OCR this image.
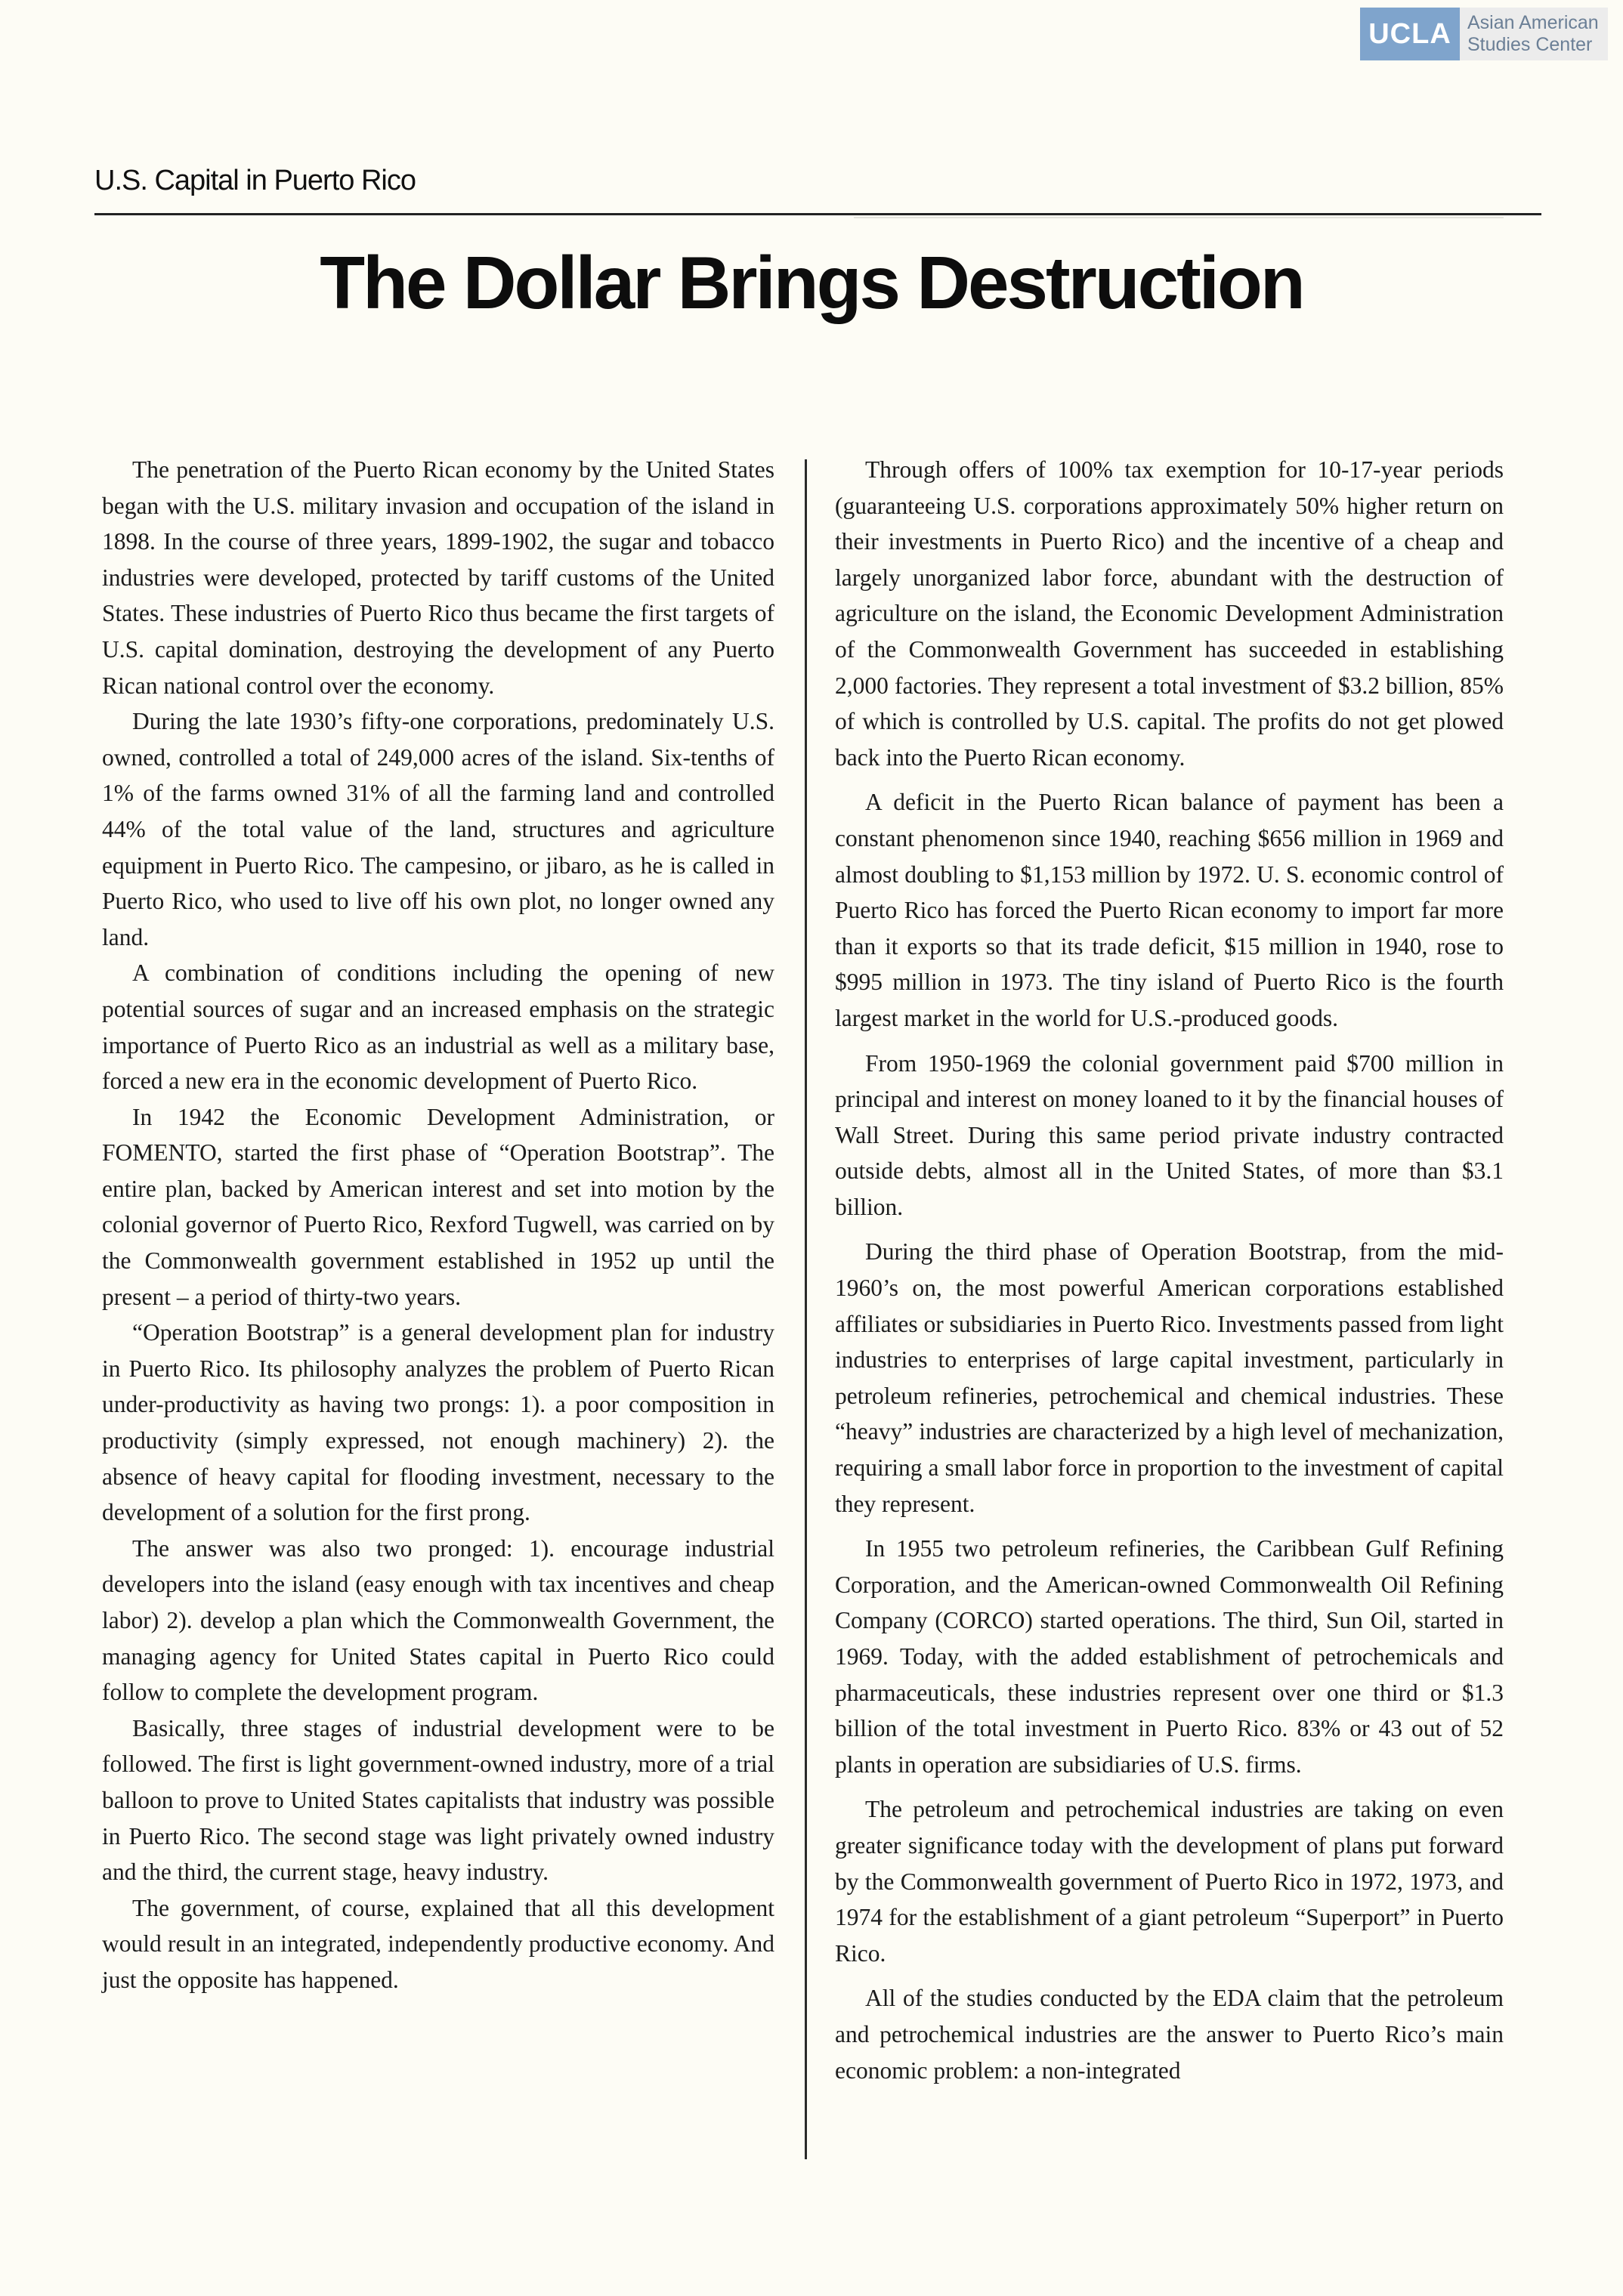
UCLA Asian American
Studies Center
U.S. Capital in Puerto Rico
The Dollar Brings Destruction

The penetration of the Puerto Rican economy by the United States began with the U.S. military invasion and occupation of the island in 1898. In the course of three years, 1899-1902, the sugar and tobacco industries were developed, protected by tariff customs of the United States. These industries of Puerto Rico thus became the first targets of U.S. capital domination, destroying the development of any Puerto Rican national control over the economy.

During the late 1930’s fifty-one corporations, predominately U.S. owned, controlled a total of 249,000 acres of the island. Six-tenths of 1% of the farms owned 31% of all the farming land and controlled 44% of the total value of the land, structures and agriculture equipment in Puerto Rico. The campesino, or jibaro, as he is called in Puerto Rico, who used to live off his own plot, no longer owned any land.

A combination of conditions including the opening of new potential sources of sugar and an increased emphasis on the strategic importance of Puerto Rico as an industrial as well as a military base, forced a new era in the economic development of Puerto Rico.

In 1942 the Economic Development Administration, or FOMENTO, started the first phase of “Operation Bootstrap”. The entire plan, backed by American interest and set into motion by the colonial governor of Puerto Rico, Rexford Tugwell, was carried on by the Commonwealth government established in 1952 up until the present – a period of thirty-two years.

“Operation Bootstrap” is a general development plan for industry in Puerto Rico. Its philosophy analyzes the problem of Puerto Rican under-productivity as having two prongs: 1). a poor composition in productivity (simply expressed, not enough machinery) 2). the absence of heavy capital for flooding investment, necessary to the development of a solution for the first prong.

The answer was also two pronged: 1). encourage industrial developers into the island (easy enough with tax incentives and cheap labor) 2). develop a plan which the Commonwealth Government, the managing agency for United States capital in Puerto Rico could follow to complete the development program.

Basically, three stages of industrial development were to be followed. The first is light government-owned industry, more of a trial balloon to prove to United States capitalists that industry was possible in Puerto Rico. The second stage was light privately owned industry and the third, the current stage, heavy industry.

The government, of course, explained that all this development would result in an integrated, independently productive economy. And just the opposite has happened.

Through offers of 100% tax exemption for 10-17-year periods (guaranteeing U.S. corporations approximately 50% higher return on their investments in Puerto Rico) and the incentive of a cheap and largely unorganized labor force, abundant with the destruction of agriculture on the island, the Economic Development Administration of the Commonwealth Government has succeeded in establishing 2,000 factories. They represent a total investment of $3.2 billion, 85% of which is controlled by U.S. capital. The profits do not get plowed back into the Puerto Rican economy.

A deficit in the Puerto Rican balance of payment has been a constant phenomenon since 1940, reaching $656 million in 1969 and almost doubling to $1,153 million by 1972. U. S. economic control of Puerto Rico has forced the Puerto Rican economy to import far more than it exports so that its trade deficit, $15 million in 1940, rose to $995 million in 1973. The tiny island of Puerto Rico is the fourth largest market in the world for U.S.-produced goods.

From 1950-1969 the colonial government paid $700 million in principal and interest on money loaned to it by the financial houses of Wall Street. During this same period private industry contracted outside debts, almost all in the United States, of more than $3.1 billion.

During the third phase of Operation Bootstrap, from the mid-1960’s on, the most powerful American corporations established affiliates or subsidiaries in Puerto Rico. Investments passed from light industries to enterprises of large capital investment, particularly in petroleum refineries, petrochemical and chemical industries. These “heavy” industries are characterized by a high level of mechanization, requiring a small labor force in proportion to the investment of capital they represent.

In 1955 two petroleum refineries, the Caribbean Gulf Refining Corporation, and the American-owned Commonwealth Oil Refining Company (CORCO) started operations. The third, Sun Oil, started in 1969. Today, with the added establishment of petrochemicals and pharmaceuticals, these industries represent over one third or $1.3 billion of the total investment in Puerto Rico. 83% or 43 out of 52 plants in operation are subsidiaries of U.S. firms.

The petroleum and petrochemical industries are taking on even greater significance today with the development of plans put forward by the Commonwealth government of Puerto Rico in 1972, 1973, and 1974 for the establishment of a giant petroleum “Superport” in Puerto Rico.

All of the studies conducted by the EDA claim that the petroleum and petrochemical industries are the answer to Puerto Rico’s main economic problem: a non-integrated
